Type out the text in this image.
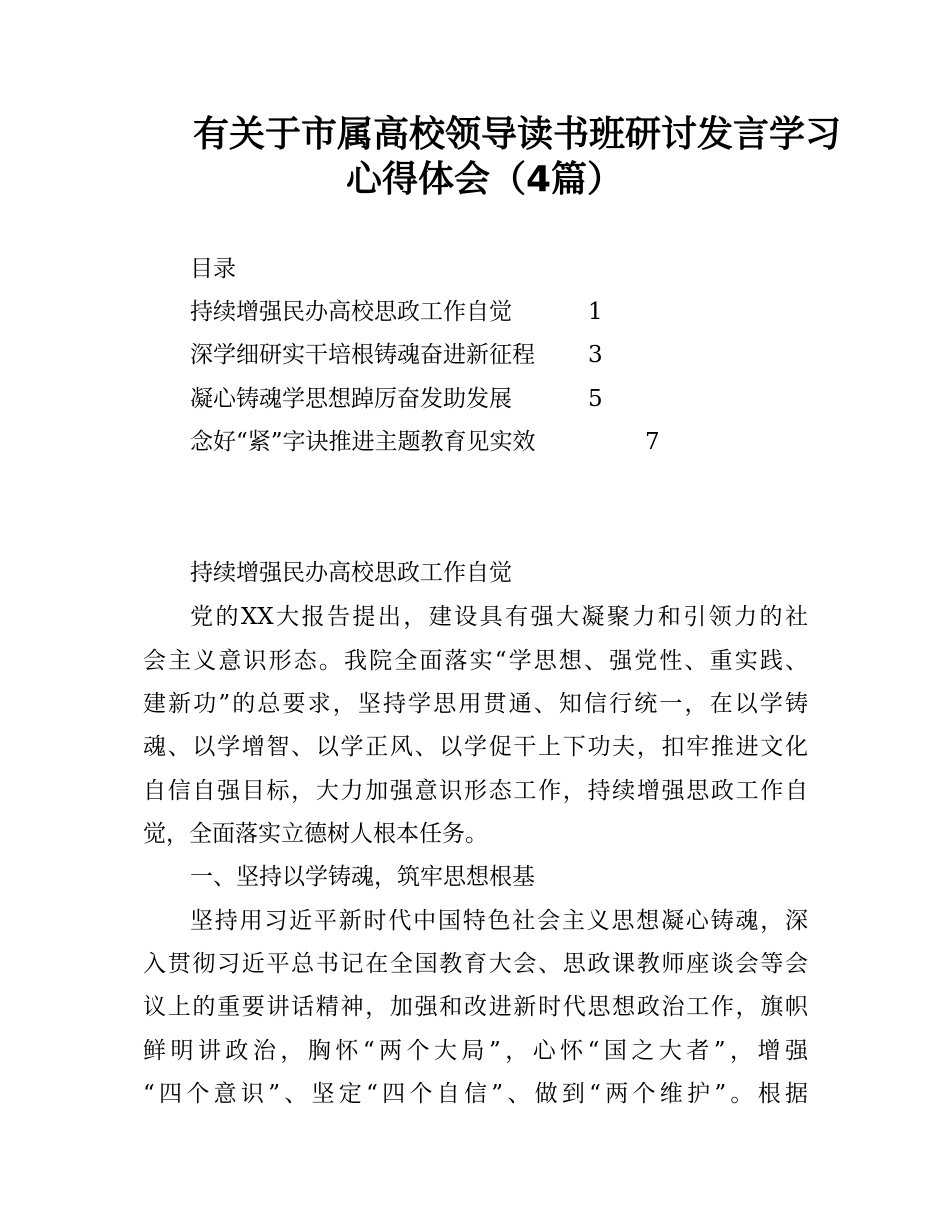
有关于市属高校领导读书班研讨发言学习
心得体会（4篇）
目录
持续增强民办高校思政工作自觉	1
深学细研实干培根铸魂奋进新征程 3
凝心铸魂学思想踔厉奋发助发展	5
念好“紧”字诀推进主题教育见实效	7
持续增强民办高校思政工作自觉
党的XX大报告提出，建设具有强大凝聚力和引领力的社
会主义意识形态。我院全面落实“学思想、强党性、重实践、
建新功”的总要求，坚持学思用贯通、知信行统一，在以学铸
魂、以学增智、以学正风、以学促干上下功夫，扣牢推进文化
自信自强目标，大力加强意识形态工作，持续增强思政工作自
觉，全面落实立德树人根本任务。
一、坚持以学铸魂，筑牢思想根基
坚持用习近平新时代中国特色社会主义思想凝心铸魂，深
入贯彻习近平总书记在全国教育大会、思政课教师座谈会等会
议上的重要讲话精神，加强和改进新时代思想政治工作，旗帜
鲜明讲政治，胸怀“两个大局”，心怀“国之大者”，增强
“四个意识”、坚定“四个自信”、做到“两个维护”。根据
